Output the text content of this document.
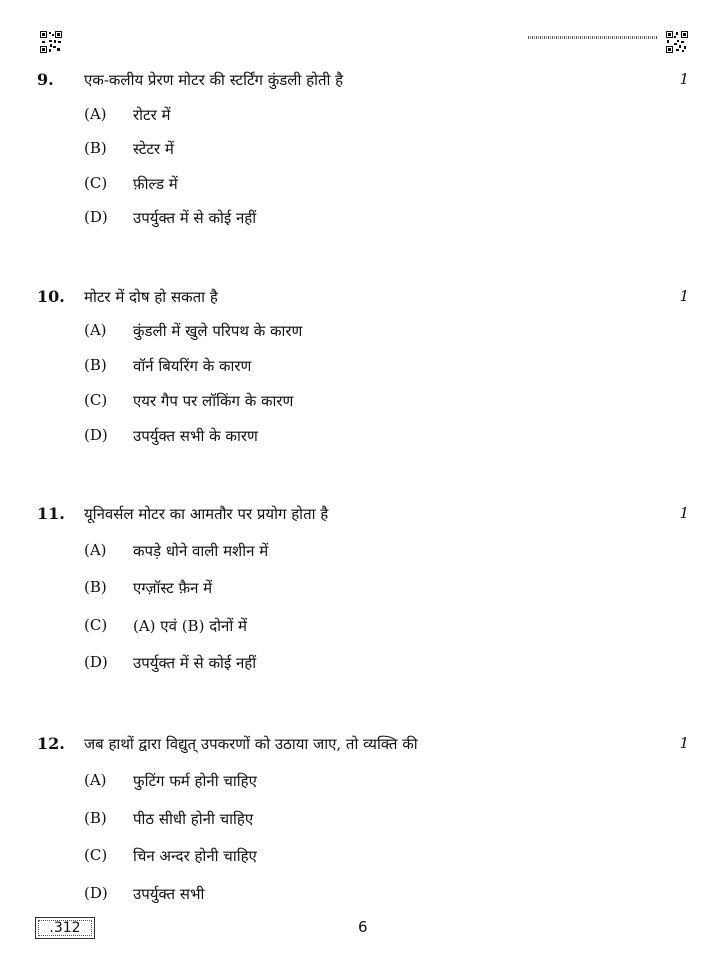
9. एक-कलीय प्रेरण मोटर की स्टर्टिंग कुंडली होती है	1
(A) रोटर में
(B) स्टेटर में
(C) फ़ील्ड में
(D) उपर्युक्त में से कोई नहीं
10. मोटर में दोष हो सकता है	1
(A) कुंडली में खुले परिपथ के कारण
(B) वॉर्न बियरिंग के कारण
(C) एयर गैप पर लॉकिंग के कारण
(D) उपर्युक्त सभी के कारण
11. यूनिवर्सल मोटर का आमतौर पर प्रयोग होता है	1
(A) कपड़े धोने वाली मशीन में
(B) एग्ज़ॉस्ट फ़ैन में
(C) (A) एवं (B) दोनों में
(D) उपर्युक्त में से कोई नहीं
12. जब हाथों द्वारा विद्युत् उपकरणों को उठाया जाए, तो व्यक्ति की	1
(A) फुटिंग फर्म होनी चाहिए
(B) पीठ सीधी होनी चाहिए
(C) चिन अन्दर होनी चाहिए
(D) उपर्युक्त सभी
.312	6
